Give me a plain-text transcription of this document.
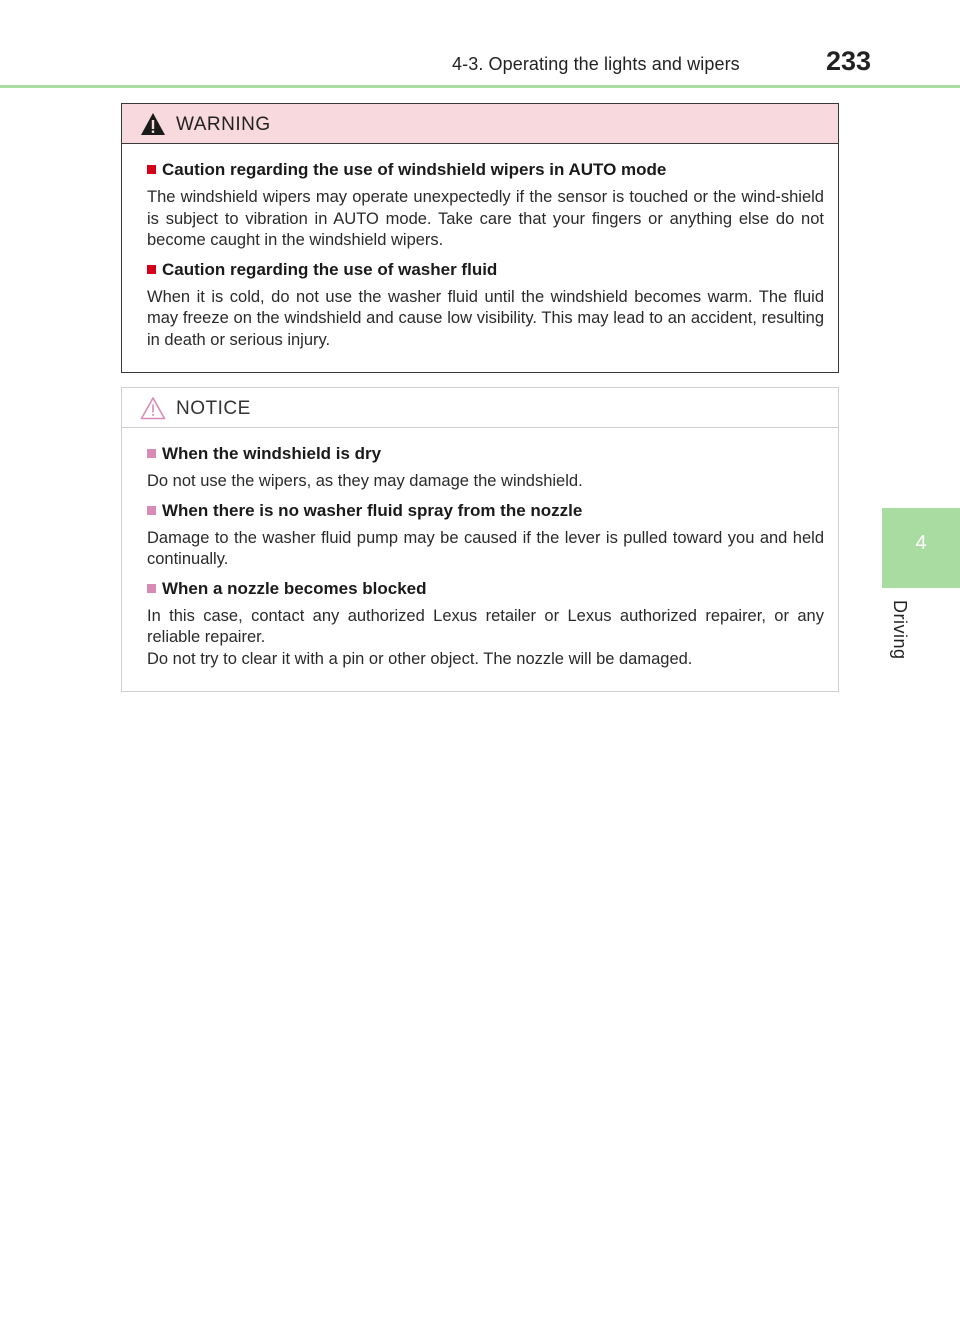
4-3. Operating the lights and wipers	233
4
Driving
WARNING
Caution regarding the use of windshield wipers in AUTO mode
The windshield wipers may operate unexpectedly if the sensor is touched or the wind-shield is subject to vibration in AUTO mode. Take care that your fingers or anything else do not become caught in the windshield wipers.
Caution regarding the use of washer fluid
When it is cold, do not use the washer fluid until the windshield becomes warm. The fluid may freeze on the windshield and cause low visibility. This may lead to an accident, resulting in death or serious injury.
NOTICE
When the windshield is dry
Do not use the wipers, as they may damage the windshield.
When there is no washer fluid spray from the nozzle
Damage to the washer fluid pump may be caused if the lever is pulled toward you and held continually.
When a nozzle becomes blocked
In this case, contact any authorized Lexus retailer or Lexus authorized repairer, or any reliable repairer.
Do not try to clear it with a pin or other object. The nozzle will be damaged.
